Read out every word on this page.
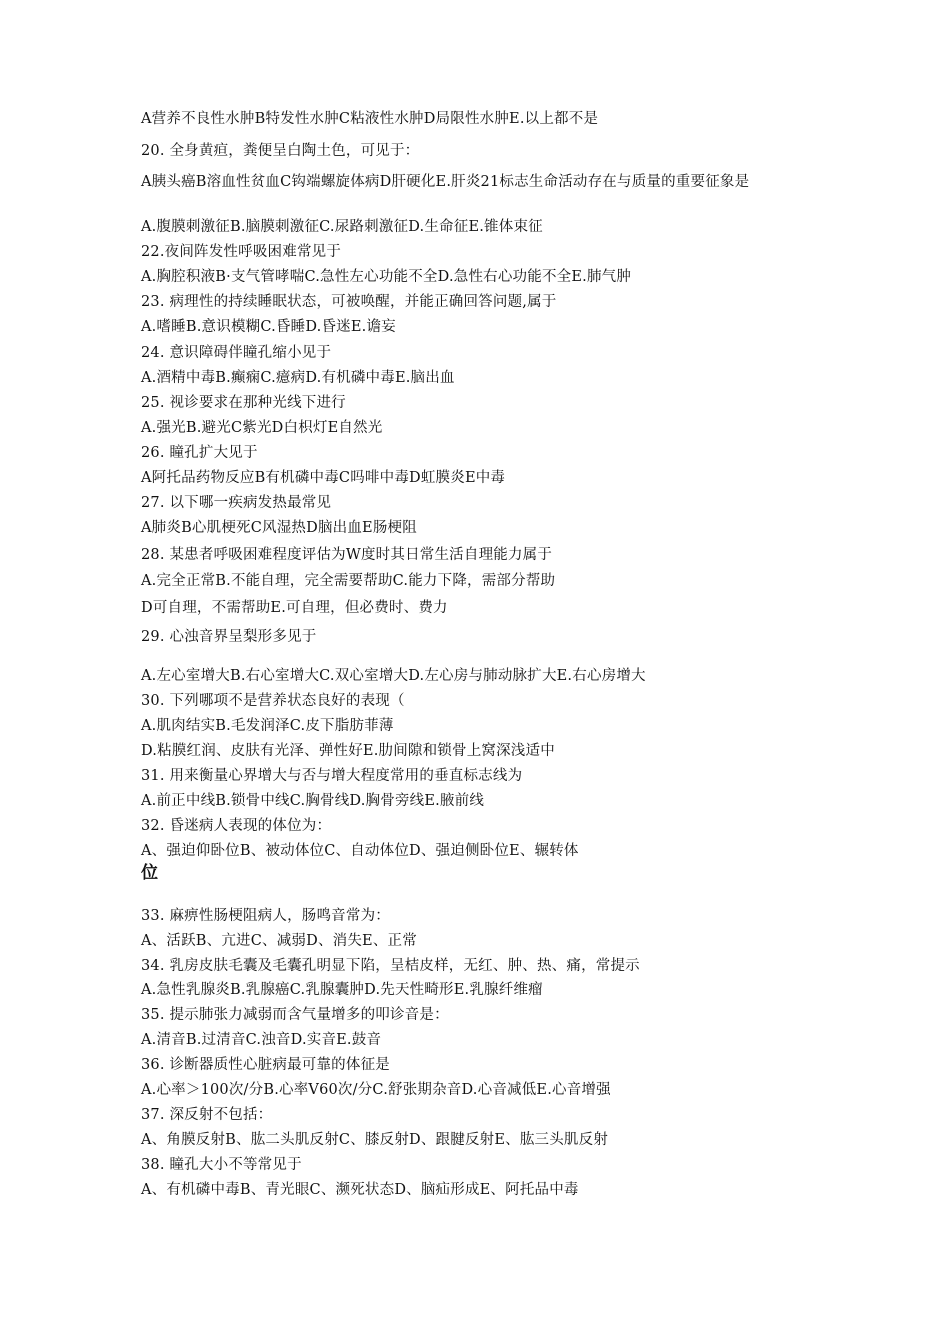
A营养不良性水肿B特发性水肿C粘液性水肿D局限性水肿E.以上都不是
20. 全身黄疸，粪便呈白陶土色，可见于：
A胰头癌B溶血性贫血C钩端螺旋体病D肝硬化E.肝炎21标志生命活动存在与质量的重要征象是
A.腹膜刺激征B.脑膜刺激征C.尿路刺激征D.生命征E.锥体束征
22.夜间阵发性呼吸困难常见于
A.胸腔积液B·支气管哮喘C.急性左心功能不全D.急性右心功能不全E.肺气肿
23. 病理性的持续睡眠状态，可被唤醒，并能正确回答问题,属于
A.嗜睡B.意识模糊C.昏睡D.昏迷E.谵妄
24. 意识障碍伴瞳孔缩小见于
A.酒精中毒B.癫痫C.癔病D.有机磷中毒E.脑出血
25. 视诊要求在那种光线下进行
A.强光B.避光C紫光D白枳灯E自然光
26. 瞳孔扩大见于
A阿托品药物反应B有机磷中毒C吗啡中毒D虹膜炎E中毒
27. 以下哪一疾病发热最常见
A肺炎B心肌梗死C风湿热D脑出血E肠梗阻
28. 某患者呼吸困难程度评估为W度时其日常生活自理能力属于
A.完全正常B.不能自理，完全需要帮助C.能力下降，需部分帮助
D可自理，不需帮助E.可自理，但必费时、费力
29. 心浊音界呈梨形多见于
A.左心室增大B.右心室增大C.双心室增大D.左心房与肺动脉扩大E.右心房增大
30. 下列哪项不是营养状态良好的表现（
A.肌肉结实B.毛发润泽C.皮下脂肪菲薄
D.粘膜红润、皮肤有光泽、弹性好E.肋间隙和锁骨上窝深浅适中
31. 用来衡量心界增大与否与增大程度常用的垂直标志线为
A.前正中线B.锁骨中线C.胸骨线D.胸骨旁线E.腋前线
32. 昏迷病人表现的体位为：
A、强迫仰卧位B、被动体位C、自动体位D、强迫侧卧位E、辗转体
位
33. 麻痹性肠梗阻病人，肠鸣音常为：
A、活跃B、亢进C、减弱D、消失E、正常
34. 乳房皮肤毛囊及毛囊孔明显下陷，呈桔皮样，无红、肿、热、痛，常提示
A.急性乳腺炎B.乳腺癌C.乳腺囊肿D.先天性畸形E.乳腺纤维瘤
35. 提示肺张力减弱而含气量增多的叩诊音是：
A.清音B.过清音C.浊音D.实音E.鼓音
36. 诊断器质性心脏病最可靠的体征是
A.心率＞100次/分B.心率V60次/分C.舒张期杂音D.心音减低E.心音增强
37. 深反射不包括：
A、角膜反射B、肱二头肌反射C、膝反射D、跟腱反射E、肱三头肌反射
38. 瞳孔大小不等常见于
A、有机磷中毒B、青光眼C、濒死状态D、脑疝形成E、阿托品中毒
